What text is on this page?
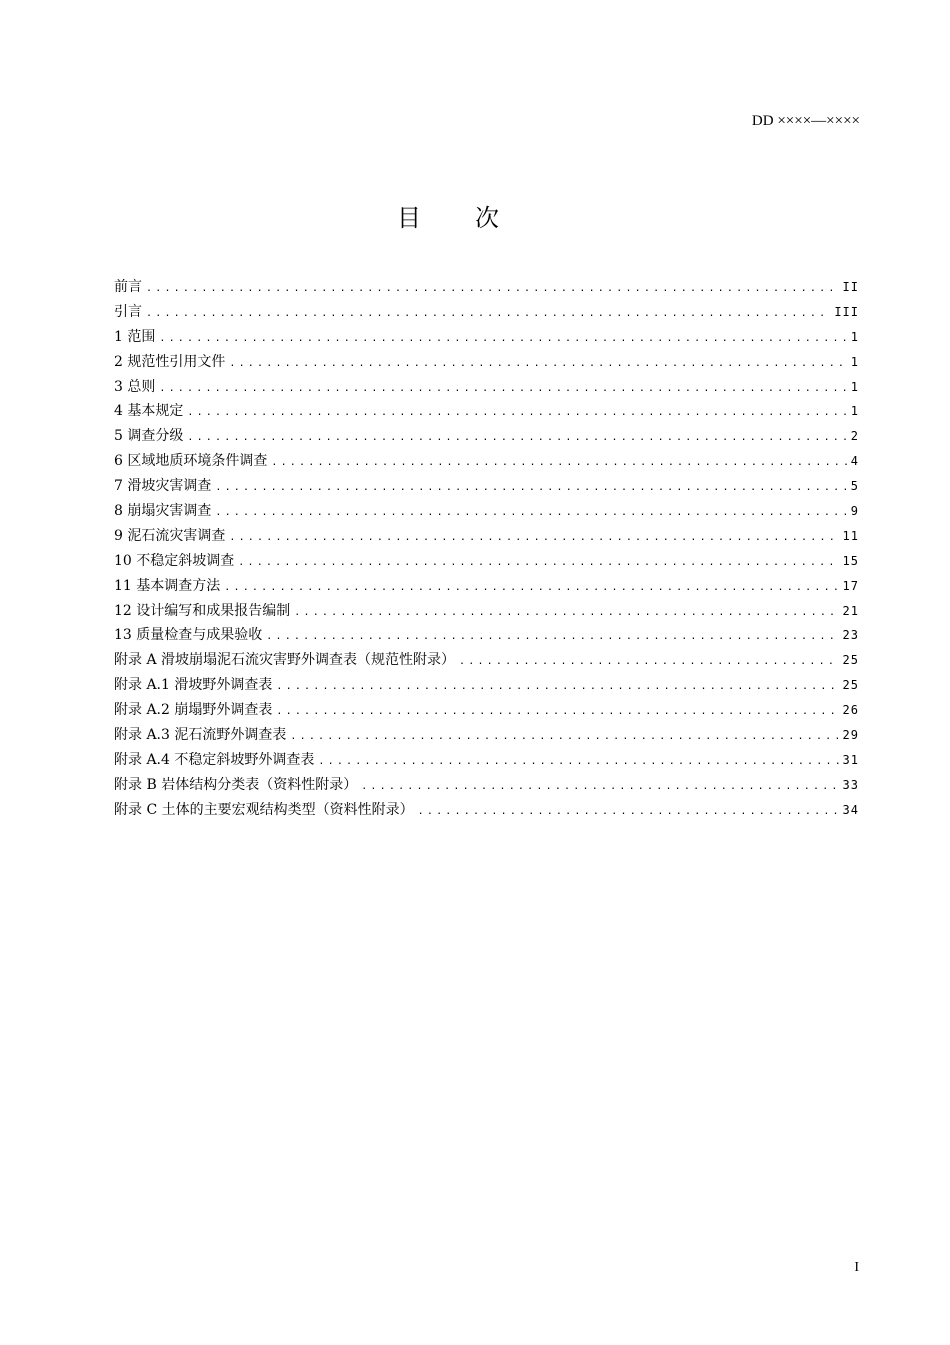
DD ××××—××××
目次
前言 .....	II
引言 .....	III
1 范围 .....	1
2 规范性引用文件 .....	1
3 总则 .....	1
4 基本规定 .....	1
5 调查分级 .....	2
6 区域地质环境条件调查 .....	4
7 滑坡灾害调查 .....	5
8 崩塌灾害调查 .....	9
9 泥石流灾害调查 .....	11
10 不稳定斜坡调查 .....	15
11 基本调查方法 .....	17
12 设计编写和成果报告编制 .....	21
13 质量检查与成果验收 .....	23
附录 A 滑坡崩塌泥石流灾害野外调查表（规范性附录） .....	25
附录 A.1 滑坡野外调查表 .....	25
附录 A.2 崩塌野外调查表 .....	26
附录 A.3 泥石流野外调查表 .....	29
附录 A.4 不稳定斜坡野外调查表 .....	31
附录 B 岩体结构分类表（资料性附录） .....	33
附录 C 土体的主要宏观结构类型（资料性附录） .....	34
I
